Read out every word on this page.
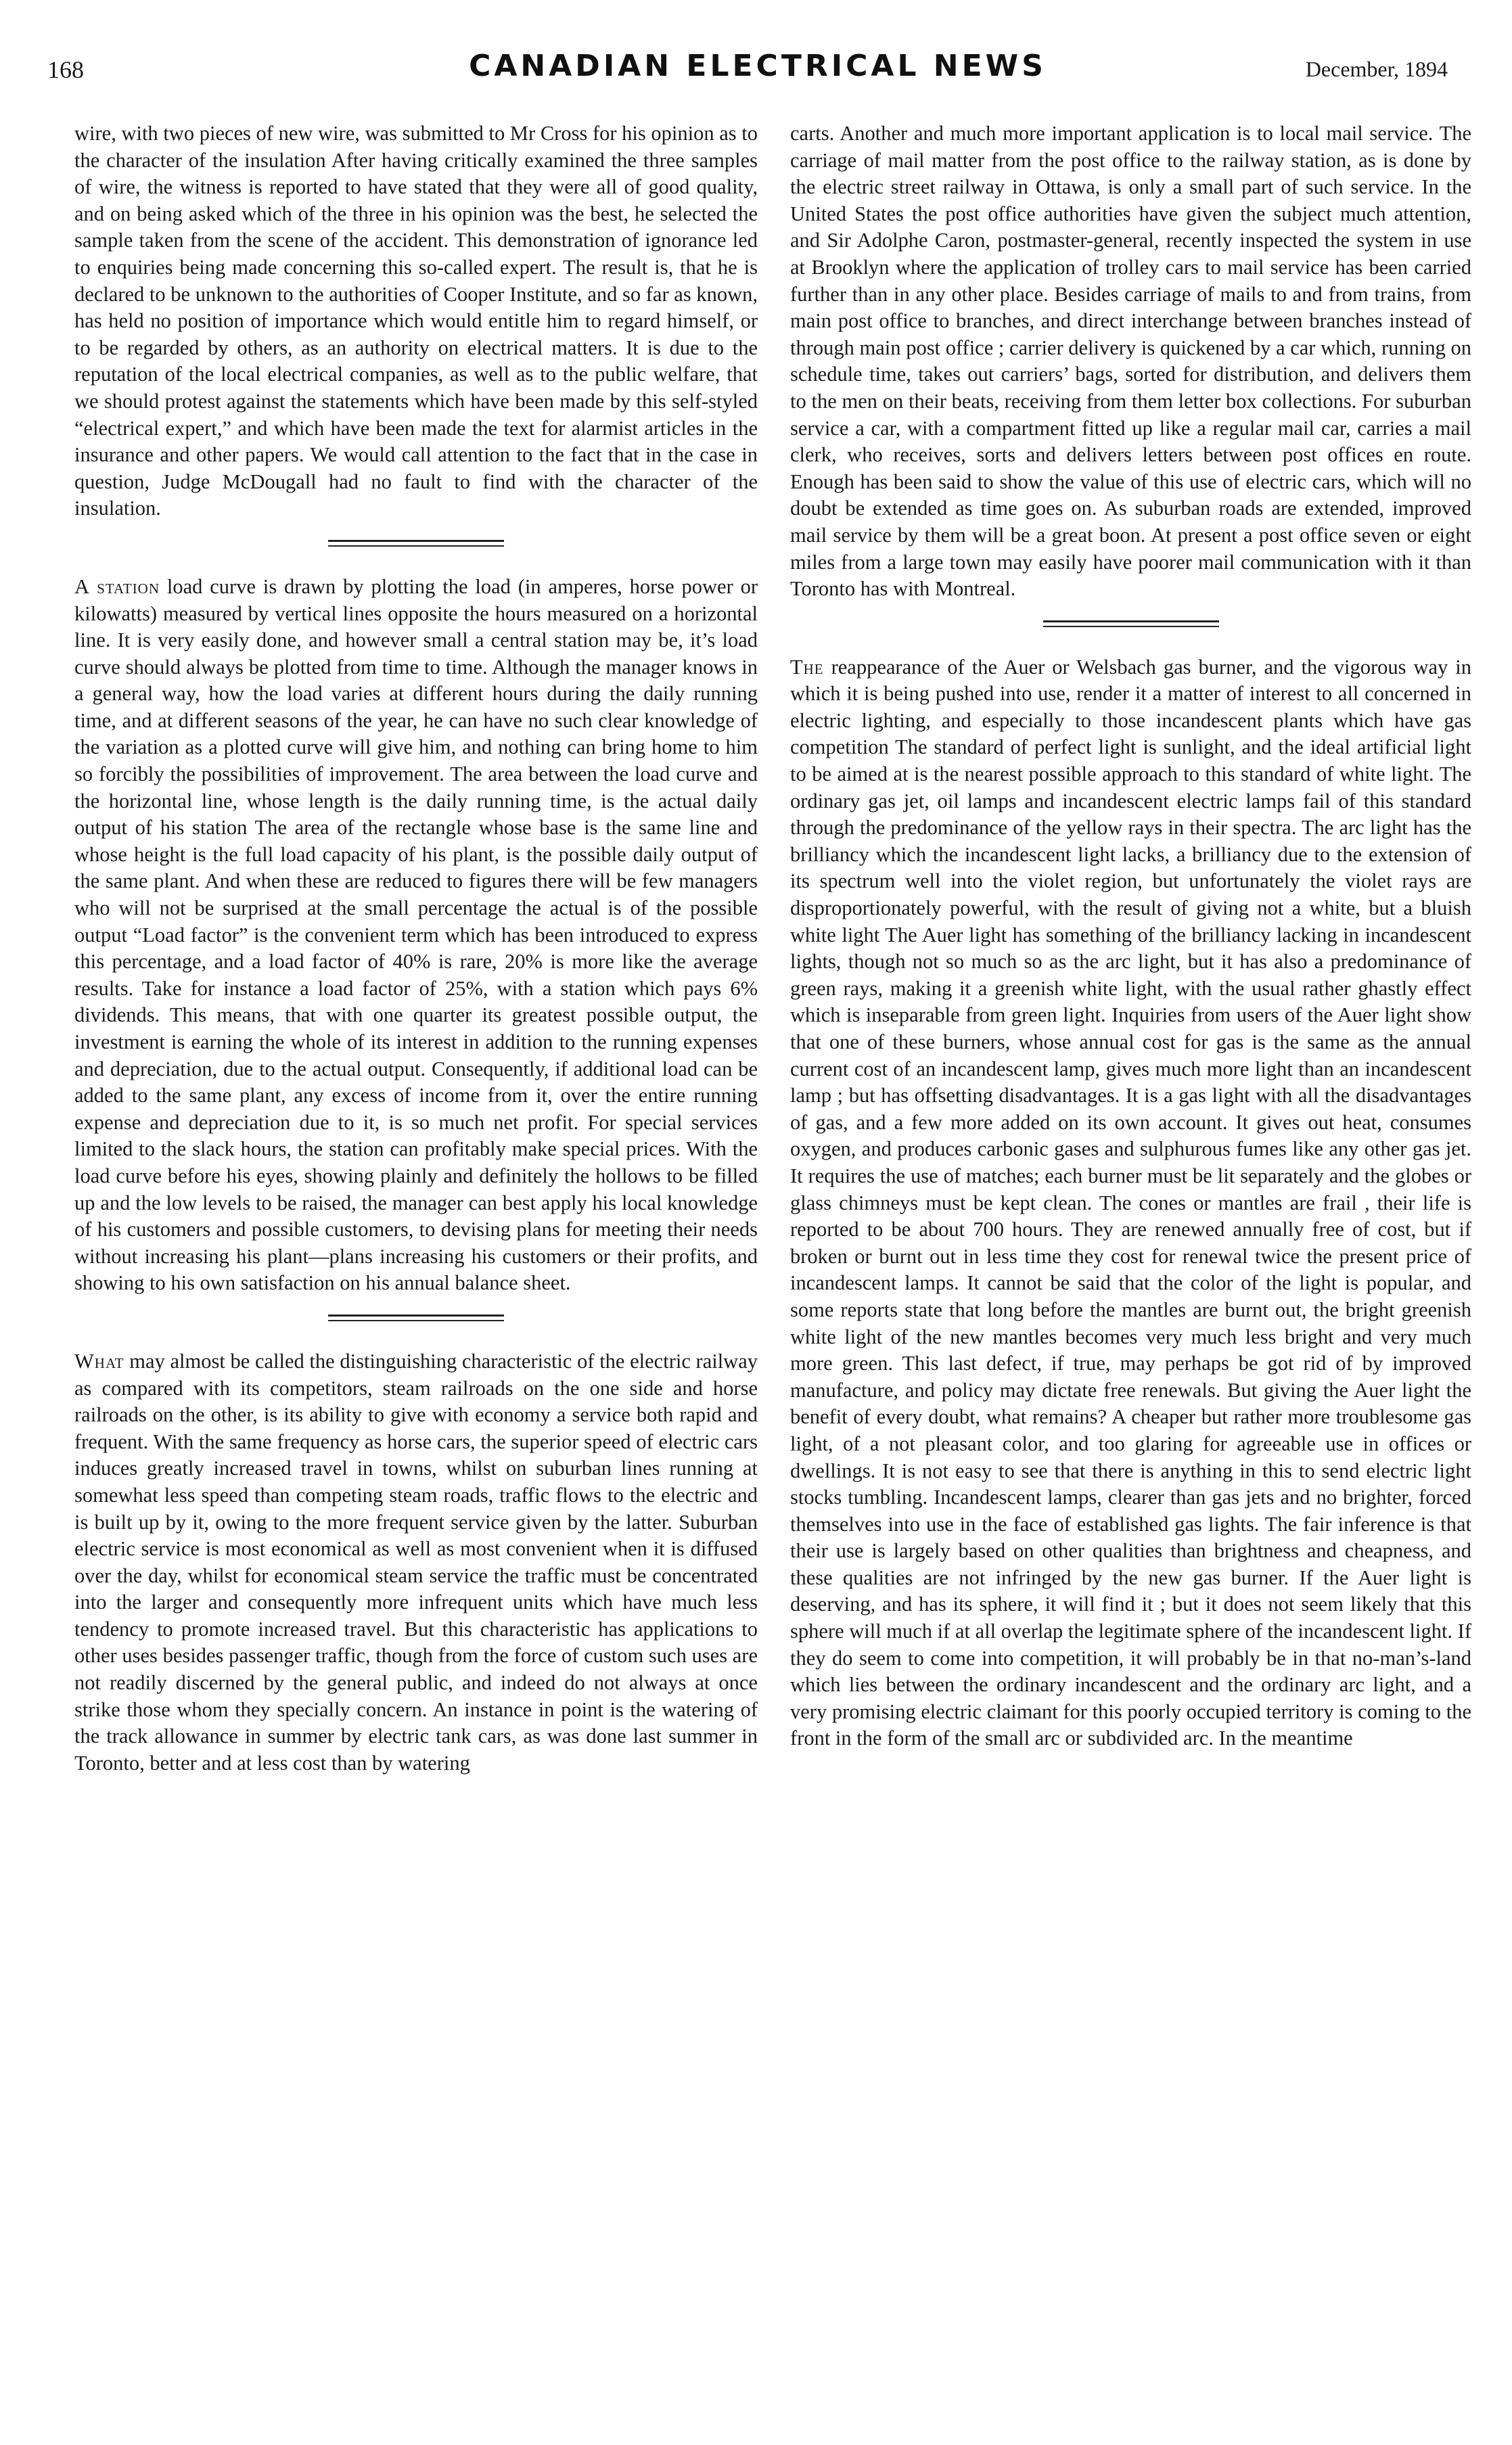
168	CANADIAN ELECTRICAL NEWS	December, 1894

wire, with two pieces of new wire, was submitted to Mr Cross for his opinion as to the character of the insulation After having critically examined the three samples of wire, the witness is reported to have stated that they were all of good quality, and on being asked which of the three in his opinion was the best, he selected the sample taken from the scene of the accident. This demonstration of ignorance led to enquiries being made concerning this so-called expert. The result is, that he is declared to be unknown to the authorities of Cooper Institute, and so far as known, has held no position of importance which would entitle him to regard himself, or to be regarded by others, as an authority on electrical matters. It is due to the reputation of the local electrical companies, as well as to the public welfare, that we should protest against the statements which have been made by this self-styled “electrical expert,” and which have been made the text for alarmist articles in the insurance and other papers. We would call attention to the fact that in the case in question, Judge McDougall had no fault to find with the character of the insulation.

A station load curve is drawn by plotting the load (in amperes, horse power or kilowatts) measured by vertical lines opposite the hours measured on a horizontal line. It is very easily done, and however small a central station may be, it’s load curve should always be plotted from time to time. Although the manager knows in a general way, how the load varies at different hours during the daily running time, and at different seasons of the year, he can have no such clear knowledge of the variation as a plotted curve will give him, and nothing can bring home to him so forcibly the possibilities of improvement. The area between the load curve and the horizontal line, whose length is the daily running time, is the actual daily output of his station The area of the rectangle whose base is the same line and whose height is the full load capacity of his plant, is the possible daily output of the same plant. And when these are reduced to figures there will be few managers who will not be surprised at the small percentage the actual is of the possible output “Load factor” is the convenient term which has been introduced to express this percentage, and a load factor of 40% is rare, 20% is more like the average results. Take for instance a load factor of 25%, with a station which pays 6% dividends. This means, that with one quarter its greatest possible output, the investment is earning the whole of its interest in addition to the running expenses and depreciation, due to the actual output. Consequently, if additional load can be added to the same plant, any excess of income from it, over the entire running expense and depreciation due to it, is so much net profit. For special services limited to the slack hours, the station can profitably make special prices. With the load curve before his eyes, showing plainly and definitely the hollows to be filled up and the low levels to be raised, the manager can best apply his local knowledge of his customers and possible customers, to devising plans for meeting their needs without increasing his plant—plans increasing his customers or their profits, and showing to his own satisfaction on his annual balance sheet.

What may almost be called the distinguishing characteristic of the electric railway as compared with its competitors, steam railroads on the one side and horse railroads on the other, is its ability to give with economy a service both rapid and frequent. With the same frequency as horse cars, the superior speed of electric cars induces greatly increased travel in towns, whilst on suburban lines running at somewhat less speed than competing steam roads, traffic flows to the electric and is built up by it, owing to the more frequent service given by the latter. Suburban electric service is most economical as well as most convenient when it is diffused over the day, whilst for economical steam service the traffic must be concentrated into the larger and consequently more infrequent units which have much less tendency to promote increased travel. But this characteristic has applications to other uses besides passenger traffic, though from the force of custom such uses are not readily discerned by the general public, and indeed do not always at once strike those whom they specially concern. An instance in point is the watering of the track allowance in summer by electric tank cars, as was done last summer in Toronto, better and at less cost than by watering

carts. Another and much more important application is to local mail service. The carriage of mail matter from the post office to the railway station, as is done by the electric street railway in Ottawa, is only a small part of such service. In the United States the post office authorities have given the subject much attention, and Sir Adolphe Caron, postmaster-general, recently inspected the system in use at Brooklyn where the application of trolley cars to mail service has been carried further than in any other place. Besides carriage of mails to and from trains, from main post office to branches, and direct interchange between branches instead of through main post office ; carrier delivery is quickened by a car which, running on schedule time, takes out carriers’ bags, sorted for distribution, and delivers them to the men on their beats, receiving from them letter box collections. For suburban service a car, with a compartment fitted up like a regular mail car, carries a mail clerk, who receives, sorts and delivers letters between post offices en route. Enough has been said to show the value of this use of electric cars, which will no doubt be extended as time goes on. As suburban roads are extended, improved mail service by them will be a great boon. At present a post office seven or eight miles from a large town may easily have poorer mail communication with it than Toronto has with Montreal.

The reappearance of the Auer or Welsbach gas burner, and the vigorous way in which it is being pushed into use, render it a matter of interest to all concerned in electric lighting, and especially to those incandescent plants which have gas competition The standard of perfect light is sunlight, and the ideal artificial light to be aimed at is the nearest possible approach to this standard of white light. The ordinary gas jet, oil lamps and incandescent electric lamps fail of this standard through the predominance of the yellow rays in their spectra. The arc light has the brilliancy which the incandescent light lacks, a brilliancy due to the extension of its spectrum well into the violet region, but unfortunately the violet rays are disproportionately powerful, with the result of giving not a white, but a bluish white light The Auer light has something of the brilliancy lacking in incandescent lights, though not so much so as the arc light, but it has also a predominance of green rays, making it a greenish white light, with the usual rather ghastly effect which is inseparable from green light. Inquiries from users of the Auer light show that one of these burners, whose annual cost for gas is the same as the annual current cost of an incandescent lamp, gives much more light than an incandescent lamp ; but has offsetting disadvantages. It is a gas light with all the disadvantages of gas, and a few more added on its own account. It gives out heat, consumes oxygen, and produces carbonic gases and sulphurous fumes like any other gas jet. It requires the use of matches; each burner must be lit separately and the globes or glass chimneys must be kept clean. The cones or mantles are frail , their life is reported to be about 700 hours. They are renewed annually free of cost, but if broken or burnt out in less time they cost for renewal twice the present price of incandescent lamps. It cannot be said that the color of the light is popular, and some reports state that long before the mantles are burnt out, the bright greenish white light of the new mantles becomes very much less bright and very much more green. This last defect, if true, may perhaps be got rid of by improved manufacture, and policy may dictate free renewals. But giving the Auer light the benefit of every doubt, what remains? A cheaper but rather more troublesome gas light, of a not pleasant color, and too glaring for agreeable use in offices or dwellings. It is not easy to see that there is anything in this to send electric light stocks tumbling. Incandescent lamps, clearer than gas jets and no brighter, forced themselves into use in the face of established gas lights. The fair inference is that their use is largely based on other qualities than brightness and cheapness, and these qualities are not infringed by the new gas burner. If the Auer light is deserving, and has its sphere, it will find it ; but it does not seem likely that this sphere will much if at all overlap the legitimate sphere of the incandescent light. If they do seem to come into competition, it will probably be in that no-man’s-land which lies between the ordinary incandescent and the ordinary arc light, and a very promising electric claimant for this poorly occupied territory is coming to the front in the form of the small arc or subdivided arc. In the meantime
